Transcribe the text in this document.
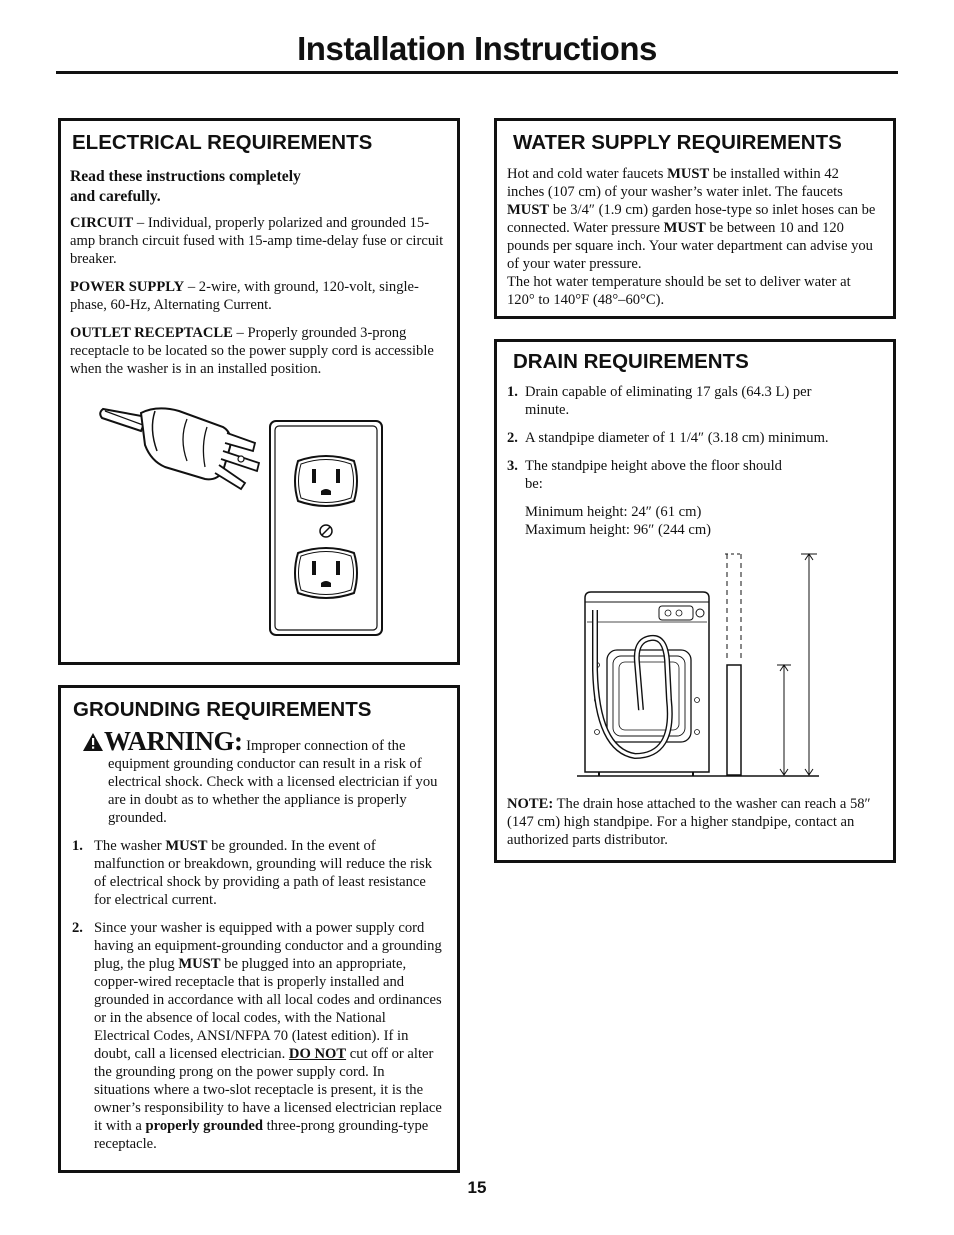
Installation Instructions
ELECTRICAL REQUIREMENTS

Read these instructions completely
and carefully.

CIRCUIT – Individual, properly polarized and grounded 15-amp branch circuit fused with 15-amp time-delay fuse or circuit breaker.

POWER SUPPLY – 2-wire, with ground, 120-volt, single-phase, 60-Hz, Alternating Current.

OUTLET RECEPTACLE – Properly grounded 3-prong receptacle to be located so the power supply cord is accessible when the washer is in an installed position.

GROUNDING REQUIREMENTS
WARNING: Improper connection of the equipment grounding conductor can result in a risk of electrical shock. Check with a licensed electrician if you are in doubt as to whether the appliance is properly grounded.
1. The washer MUST be grounded. In the event of malfunction or breakdown, grounding will reduce the risk of electrical shock by providing a path of least resistance for electrical current.
2. Since your washer is equipped with a power supply cord having an equipment-grounding conductor and a grounding plug, the plug MUST be plugged into an appropriate, copper-wired receptacle that is properly installed and grounded in accordance with all local codes and ordinances or in the absence of local codes, with the National Electrical Codes, ANSI/NFPA 70 (latest edition). If in doubt, call a licensed electrician. DO NOT cut off or alter the grounding prong on the power supply cord. In situations where a two-slot receptacle is present, it is the owner’s responsibility to have a licensed electrician replace it with a properly grounded three-prong grounding-type receptacle.
WATER SUPPLY REQUIREMENTS

Hot and cold water faucets MUST be installed within 42 inches (107 cm) of your washer’s water inlet. The faucets MUST be 3/4″ (1.9 cm) garden hose-type so inlet hoses can be connected. Water pressure MUST be between 10 and 120 pounds per square inch. Your water department can advise you of your water pressure.

The hot water temperature should be set to deliver water at 120° to 140°F (48°–60°C).

DRAIN REQUIREMENTS
1. Drain capable of eliminating 17 gals (64.3 L) per minute.
2. A standpipe diameter of 1 1/4″ (3.18 cm) minimum.
3. The standpipe height above the floor should be:
Minimum height: 24″ (61 cm)
Maximum height: 96″ (244 cm)
NOTE: The drain hose attached to the washer can reach a 58″ (147 cm) high standpipe. For a higher standpipe, contact an authorized parts distributor.
15
